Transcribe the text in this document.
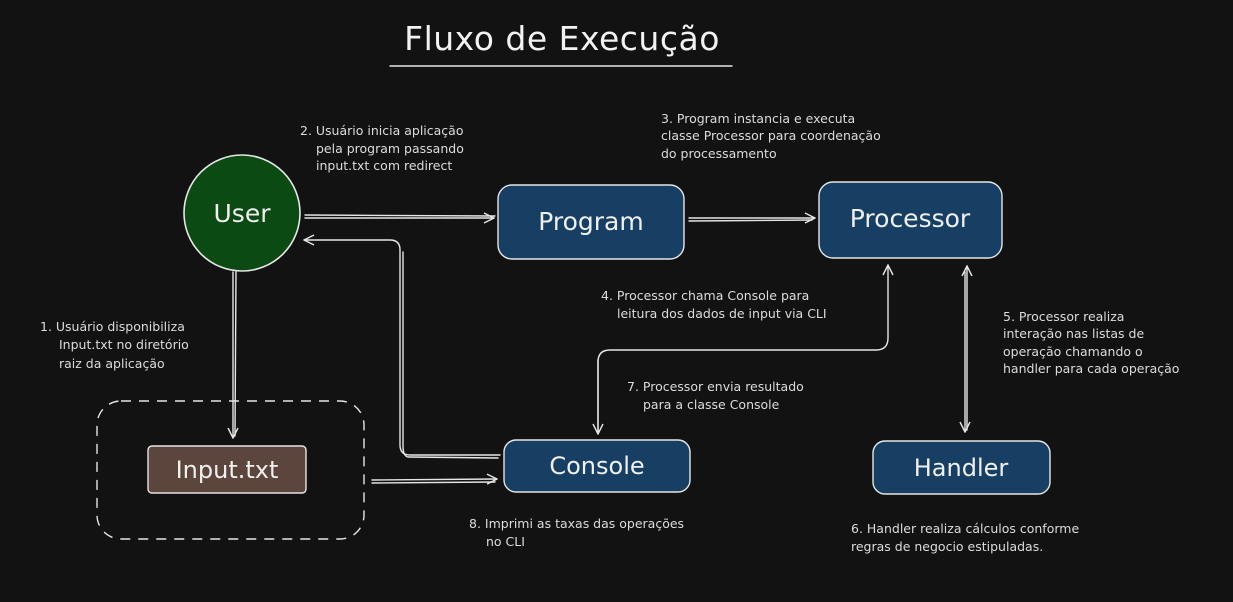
Fluxo de Execução
User	Program	Processor
Console	Handler
Input.txt
1. Usuário disponibiliza Input.txt no diretório raiz da aplicação
2. Usuário inicia aplicação pela program passando input.txt com redirect
3. Program instancia e executa classe Processor para coordenação do processamento
4. Processor chama Console para leitura dos dados de input via CLI	5. Processor realiza interação nas listas de operação chamando o handler para cada operação
6. Handler realiza cálculos conforme regras de negocio estipuladas.
7. Processor envia resultado para a classe Console
8. Imprimi as taxas das operações no CLI
